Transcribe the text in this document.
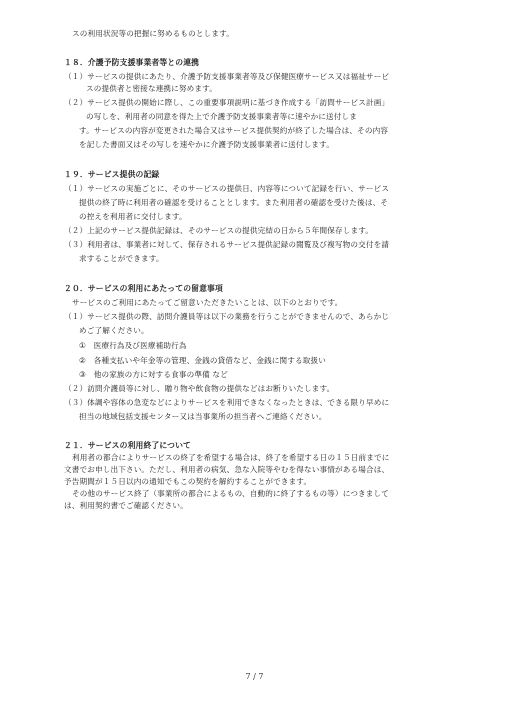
スの利用状況等の把握に努めるものとします。
１８．介護予防支援事業者等との連携
（１）サービスの提供にあたり、介護予防支援事業者等及び保健医療サービス又は福祉サービ
スの提供者と密接な連携に努めます。
（２）サービス提供の開始に際し、この重要事項説明に基づき作成する「訪問サービス計画」
の写しを、利用者の同意を得た上で介護予防支援事業者等に速やかに送付しま
す。サービスの内容が変更された場合又はサービス提供契約が終了した場合は、その内容
を記した書面又はその写しを速やかに介護予防支援事業者に送付します。
１９．サービス提供の記録
（１）サービスの実施ごとに、そのサービスの提供日、内容等について記録を行い、サービス
提供の終了時に利用者の確認を受けることとします。また利用者の確認を受けた後は、そ
の控えを利用者に交付します。
（２）上記のサービス提供記録は、そのサービスの提供完結の日から５年間保存します。
（３）利用者は、事業者に対して、保存されるサービス提供記録の閲覧及び複写物の交付を請
求することができます。
２０．サービスの利用にあたっての留意事項
サービスのご利用にあたってご留意いただきたいことは、以下のとおりです。
（１）サービス提供の際、訪問介護員等は以下の業務を行うことができませんので、あらかじ
めご了解ください。
①　医療行為及び医療補助行為
②　各種支払いや年金等の管理、金銭の貸借など、金銭に関する取扱い
③　他の家族の方に対する食事の準備 など
（２）訪問介護員等に対し、贈り物や飲食物の提供などはお断りいたします。
（３）体調や容体の急変などによりサービスを利用できなくなったときは、できる限り早めに
担当の地域包括支援センター又は当事業所の担当者へご連絡ください。
２１．サービスの利用終了について
利用者の都合によりサービスの終了を希望する場合は、終了を希望する日の１５日前までに
文書でお申し出下さい。ただし、利用者の病気、急な入院等やむを得ない事情がある場合は、
予告期間が１５日以内の通知でもこの契約を解約することができます。
その他のサービス終了（事業所の都合によるもの、自動的に終了するもの等）につきまして
は、利用契約書でご確認ください。
7 / 7
